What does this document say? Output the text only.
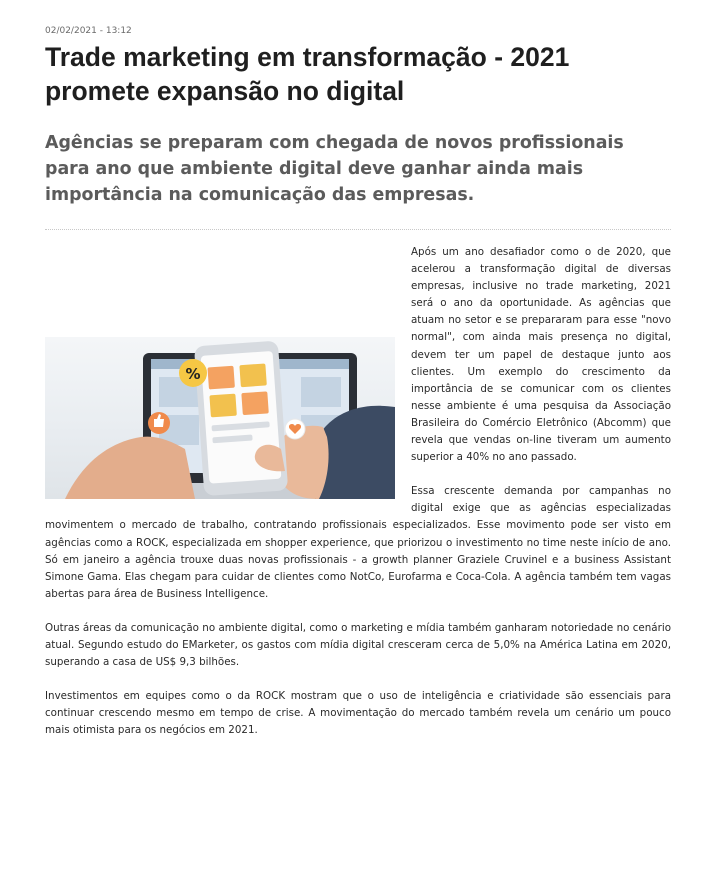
02/02/2021 - 13:12
Trade marketing em transformação - 2021 promete expansão no digital
Agências se preparam com chegada de novos profissionais para ano que ambiente digital deve ganhar ainda mais importância na comunicação das empresas.
%

Após um ano desafiador como o de 2020, que acelerou a transformação digital de diversas empresas, inclusive no trade marketing, 2021 será o ano da oportunidade. As agências que atuam no setor e se prepararam para esse "novo normal", com ainda mais presença no digital, devem ter um papel de destaque junto aos clientes. Um exemplo do crescimento da importância de se comunicar com os clientes nesse ambiente é uma pesquisa da Associação Brasileira do Comércio Eletrônico (Abcomm) que revela que vendas on-line tiveram um aumento superior a 40% no ano passado.

Essa crescente demanda por campanhas no digital exige que as agências especializadas movimentem o mercado de trabalho, contratando profissionais especializados. Esse movimento pode ser visto em agências como a ROCK, especializada em shopper experience, que priorizou o investimento no time neste início de ano. Só em janeiro a agência trouxe duas novas profissionais - a growth planner Graziele Cruvinel e a business Assistant Simone Gama. Elas chegam para cuidar de clientes como NotCo, Eurofarma e Coca-Cola. A agência também tem vagas abertas para área de Business Intelligence.

Outras áreas da comunicação no ambiente digital, como o marketing e mídia também ganharam notoriedade no cenário atual. Segundo estudo do EMarketer, os gastos com mídia digital cresceram cerca de 5,0% na América Latina em 2020, superando a casa de US$ 9,3 bilhões.

Investimentos em equipes como o da ROCK mostram que o uso de inteligência e criatividade são essenciais para continuar crescendo mesmo em tempo de crise. A movimentação do mercado também revela um cenário um pouco mais otimista para os negócios em 2021.
